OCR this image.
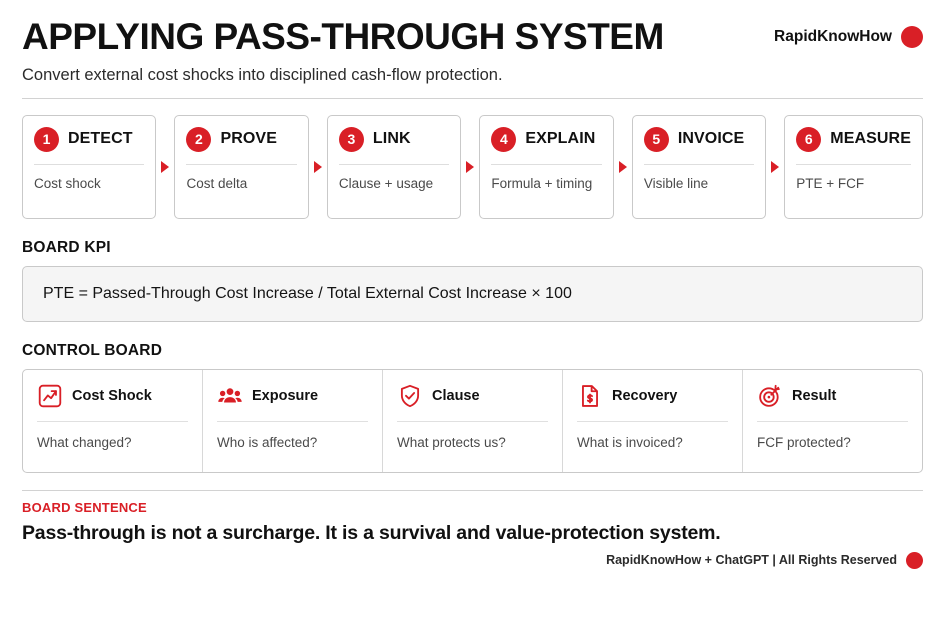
APPLYING PASS-THROUGH SYSTEM	RapidKnowHow
Convert external cost shocks into disciplined cash-flow protection.
1	DETECT
Cost shock
2	PROVE
Cost delta
3	LINK
Clause + usage
4	EXPLAIN
Formula + timing
5	INVOICE
Visible line
6	MEASURE
PTE + FCF
BOARD KPI
PTE = Passed-Through Cost Increase / Total External Cost Increase × 100
CONTROL BOARD
Cost Shock
What changed?
Exposure
Who is affected?
Clause
What protects us?
Recovery
What is invoiced?
Result
FCF protected?
BOARD SENTENCE
Pass-through is not a surcharge. It is a survival and value-protection system.
RapidKnowHow + ChatGPT | All Rights Reserved
